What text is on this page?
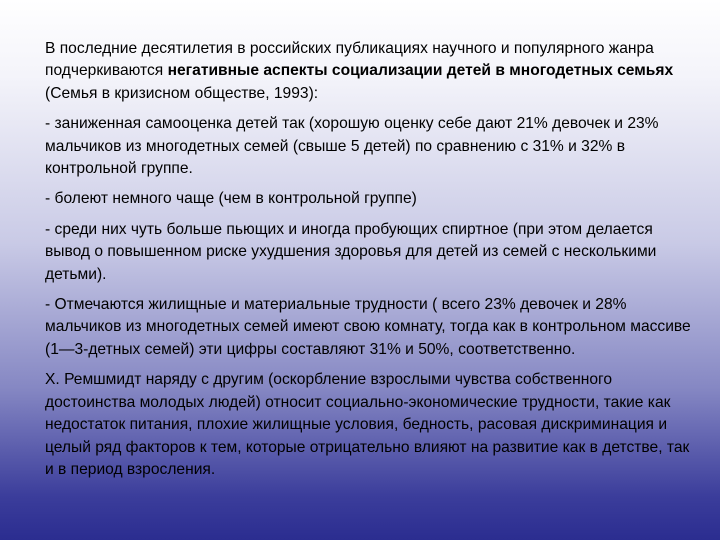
В последние десятилетия в российских публикациях научного и популярного жанра подчеркиваются негативные аспекты социализации детей в многодетных семьях (Семья в кризисном обществе, 1993):

- заниженная самооценка детей так (хорошую оценку себе дают 21% девочек и 23% мальчиков из многодетных семей (свыше 5 детей) по сравнению с 31% и 32% в контрольной группе.

- болеют немного чаще (чем в контрольной группе)

- среди них чуть больше пьющих и иногда пробующих спиртное (при этом делается вывод о повышенном риске ухудшения здоровья для детей из семей с несколькими детьми).

- Отмечаются жилищные и материальные трудности ( всего 23% девочек и 28% мальчиков из многодетных семей имеют свою комнату, тогда как в контрольном массиве (1—3-детных семей) эти цифры составляют 31% и 50%, соответственно.

Х. Ремшмидт наряду с другим (оскорбление взрослыми чувства собственного достоинства молодых людей) относит социально-экономические трудности, такие как недостаток питания, плохие жилищные условия, бедность, расовая дискриминация и целый ряд факторов к тем, которые отрицательно влияют на развитие как в детстве, так и в период взросления.
